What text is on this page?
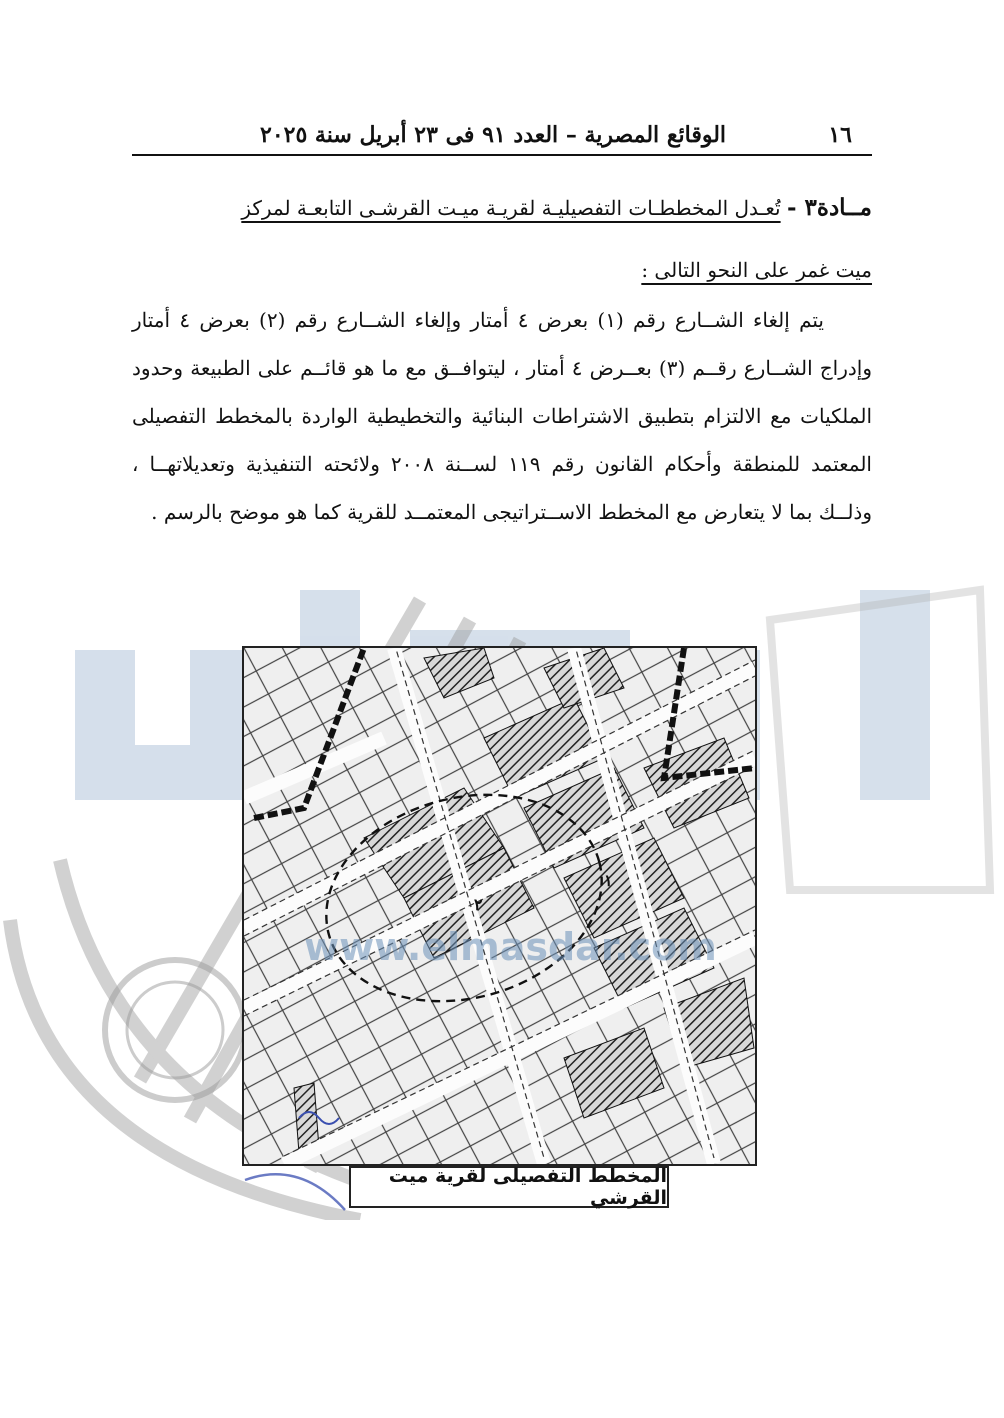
الوقائع المصرية – العدد ٩١ فى ٢٣ أبريل سنة ٢٠٢٥	١٦
مــادة٣ - تُعـدل المخططـات التفصيليـة لقريـة ميـت القرشـى التابعـة لمركز
ميت غمر على النحو التالى :

يتم إلغاء الشــارع رقم (١) بعرض ٤ أمتار وإلغاء الشــارع رقم (٢) بعرض ٤ أمتار وإدراج الشــارع رقــم (٣) بعــرض ٤ أمتار ، ليتوافــق مع ما هو قائــم على الطبيعة وحدود الملكيات مع الالتزام بتطبيق الاشتراطات البنائية والتخطيطية الواردة بالمخطط التفصيلى المعتمد للمنطقة وأحكام القانون رقم ١١٩ لســنة ٢٠٠٨ ولائحته التنفيذية وتعديلاتهــا ، وذلــك بما لا يتعارض مع المخطط الاســتراتيجى المعتمــد للقرية كما هو موضح بالرسم .

www.elmasdar.com
٢
١
المخطط التفصيلى لقرية ميت القرشي
